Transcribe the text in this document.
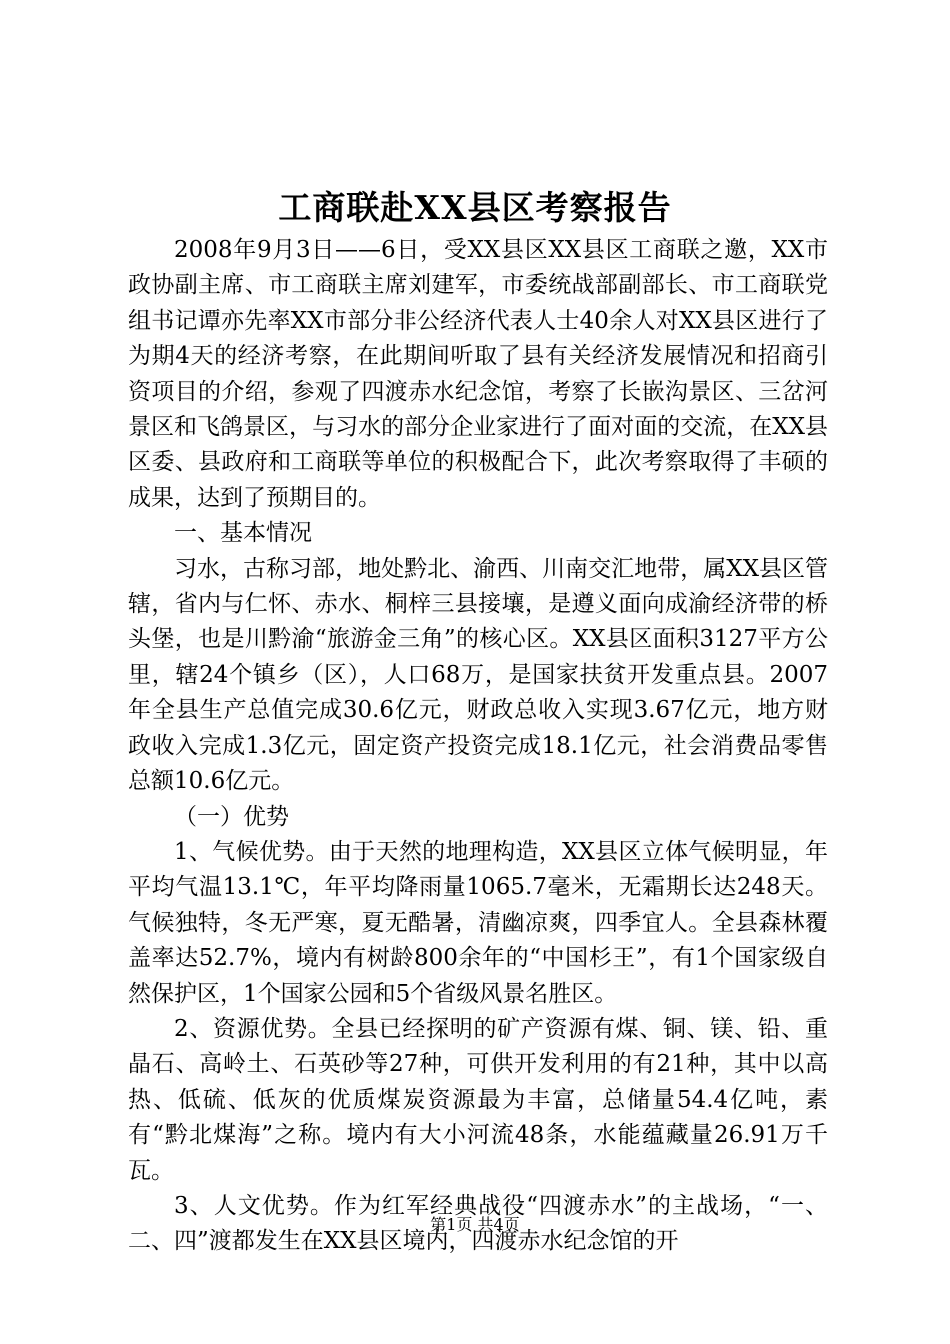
工商联赴XX县区考察报告

2008年9月3日——6日，受XX县区XX县区工商联之邀，XX市政协副主席、市工商联主席刘建军，市委统战部副部长、市工商联党组书记谭亦先率XX市部分非公经济代表人士40余人对XX县区进行了为期4天的经济考察，在此期间听取了县有关经济发展情况和招商引资项目的介绍，参观了四渡赤水纪念馆，考察了长嵌沟景区、三岔河景区和飞鸽景区，与习水的部分企业家进行了面对面的交流，在XX县区委、县政府和工商联等单位的积极配合下，此次考察取得了丰硕的成果，达到了预期目的。

一、基本情况

习水，古称习部，地处黔北、渝西、川南交汇地带，属XX县区管辖，省内与仁怀、赤水、桐梓三县接壤，是遵义面向成渝经济带的桥头堡，也是川黔渝“旅游金三角”的核心区。XX县区面积3127平方公里，辖24个镇乡（区），人口68万，是国家扶贫开发重点县。2007年全县生产总值完成30.6亿元，财政总收入实现3.67亿元，地方财政收入完成1.3亿元，固定资产投资完成18.1亿元，社会消费品零售总额10.6亿元。

（一）优势

1、气候优势。由于天然的地理构造，XX县区立体气候明显，年平均气温13.1℃，年平均降雨量1065.7毫米，无霜期长达248天。气候独特，冬无严寒，夏无酷暑，清幽凉爽，四季宜人。全县森林覆盖率达52.7%，境内有树龄800余年的“中国杉王”，有1个国家级自然保护区，1个国家公园和5个省级风景名胜区。

2、资源优势。全县已经探明的矿产资源有煤、铜、镁、铅、重晶石、高岭土、石英砂等27种，可供开发利用的有21种，其中以高热、低硫、低灰的优质煤炭资源最为丰富，总储量54.4亿吨，素有“黔北煤海”之称。境内有大小河流48条，水能蕴藏量26.91万千瓦。

3、人文优势。作为红军经典战役“四渡赤水”的主战场，“一、二、四”渡都发生在XX县区境内，四渡赤水纪念馆的开

第1页 共4页
